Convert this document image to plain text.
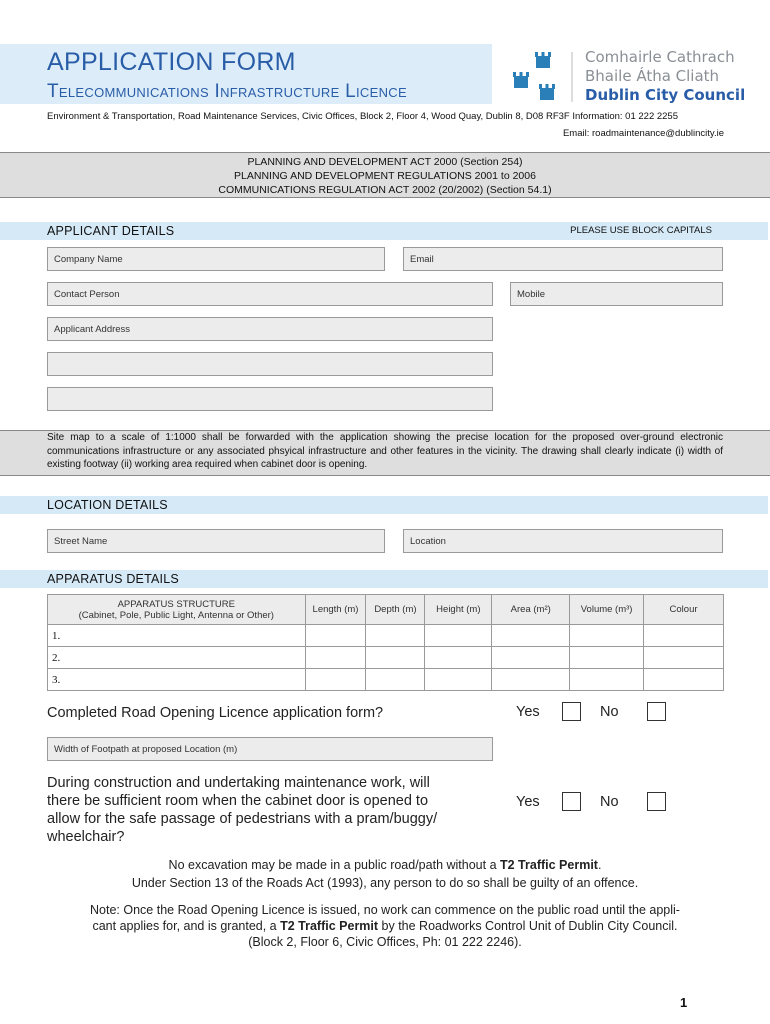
APPLICATION FORM
Telecommunications Infrastructure Licence
Comhairle Cathrach
Bhaile Átha Cliath
Dublin City Council
Environment & Transportation, Road Maintenance Services, Civic Offices, Block 2, Floor 4, Wood Quay, Dublin 8, D08 RF3F Information: 01 222 2255
Email: roadmaintenance@dublincity.ie
PLANNING AND DEVELOPMENT ACT 2000 (Section 254)
PLANNING AND DEVELOPMENT REGULATIONS 2001 to 2006
COMMUNICATIONS REGULATION ACT 2002 (20/2002) (Section 54.1)
APPLICANT DETAILS	PLEASE USE BLOCK CAPITALS
Company Name	Email
Contact Person	Mobile
Applicant Address
Site map to a scale of 1:1000 shall be forwarded with the application showing the precise location for the proposed over-ground electronic communications infrastructure or any associated phsyical infrastructure and other features in the vicinity. The drawing shall clearly indicate (i) width of existing footway (ii) working area required when cabinet door is opening.
LOCATION DETAILS
Street Name	Location
APPARATUS DETAILS
APPARATUS STRUCTURE
(Cabinet, Pole, Public Light, Antenna or Other)	Length (m)	Depth (m)	Height (m)	Area (m²)	Volume (m³)	Colour
1.						
2.						
3.						
Completed Road Opening Licence application form?	Yes	No
Width of Footpath at proposed Location (m)
During construction and undertaking maintenance work, will
there be sufficient room when the cabinet door is opened to
allow for the safe passage of pedestrians with a pram/buggy/
wheelchair?
Yes	No
No excavation may be made in a public road/path without a T2 Traffic Permit.
Under Section 13 of the Roads Act (1993), any person to do so shall be guilty of an offence.
Note: Once the Road Opening Licence is issued, no work can commence on the public road until the appli-
cant applies for, and is granted, a T2 Traffic Permit by the Roadworks Control Unit of Dublin City Council.
(Block 2, Floor 6, Civic Offices, Ph: 01 222 2246).
1
